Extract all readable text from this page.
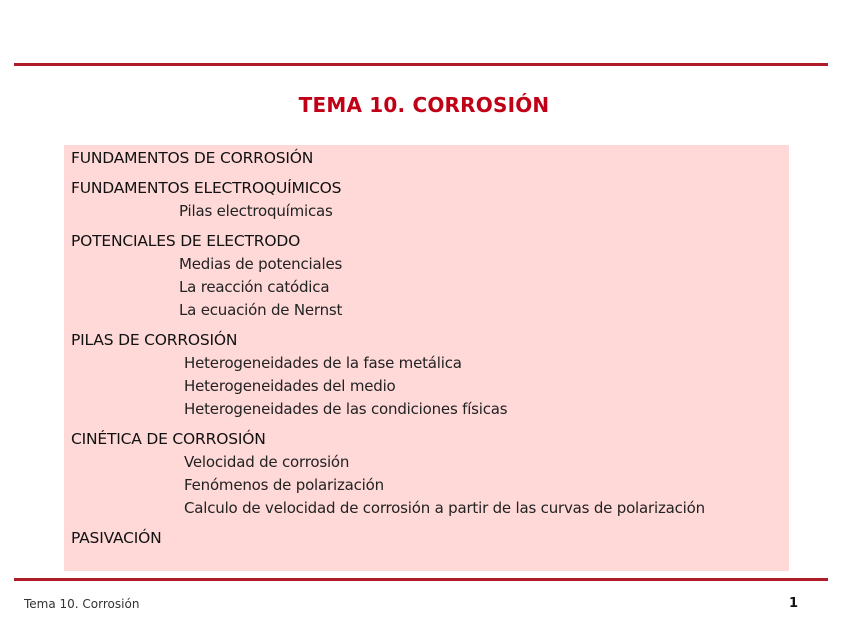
TEMA 10. CORROSIÓN
FUNDAMENTOS DE CORROSIÓN
FUNDAMENTOS ELECTROQUÍMICOS
Pilas electroquímicas
POTENCIALES DE ELECTRODO
Medias de potenciales
La reacción catódica
La ecuación de Nernst
PILAS DE CORROSIÓN
Heterogeneidades de la fase metálica
Heterogeneidades del medio
Heterogeneidades de las condiciones físicas
CINÉTICA DE CORROSIÓN
Velocidad de corrosión
Fenómenos de polarización
Calculo de velocidad de corrosión a partir de las curvas de polarización
PASIVACIÓN
Tema 10. Corrosión	1
